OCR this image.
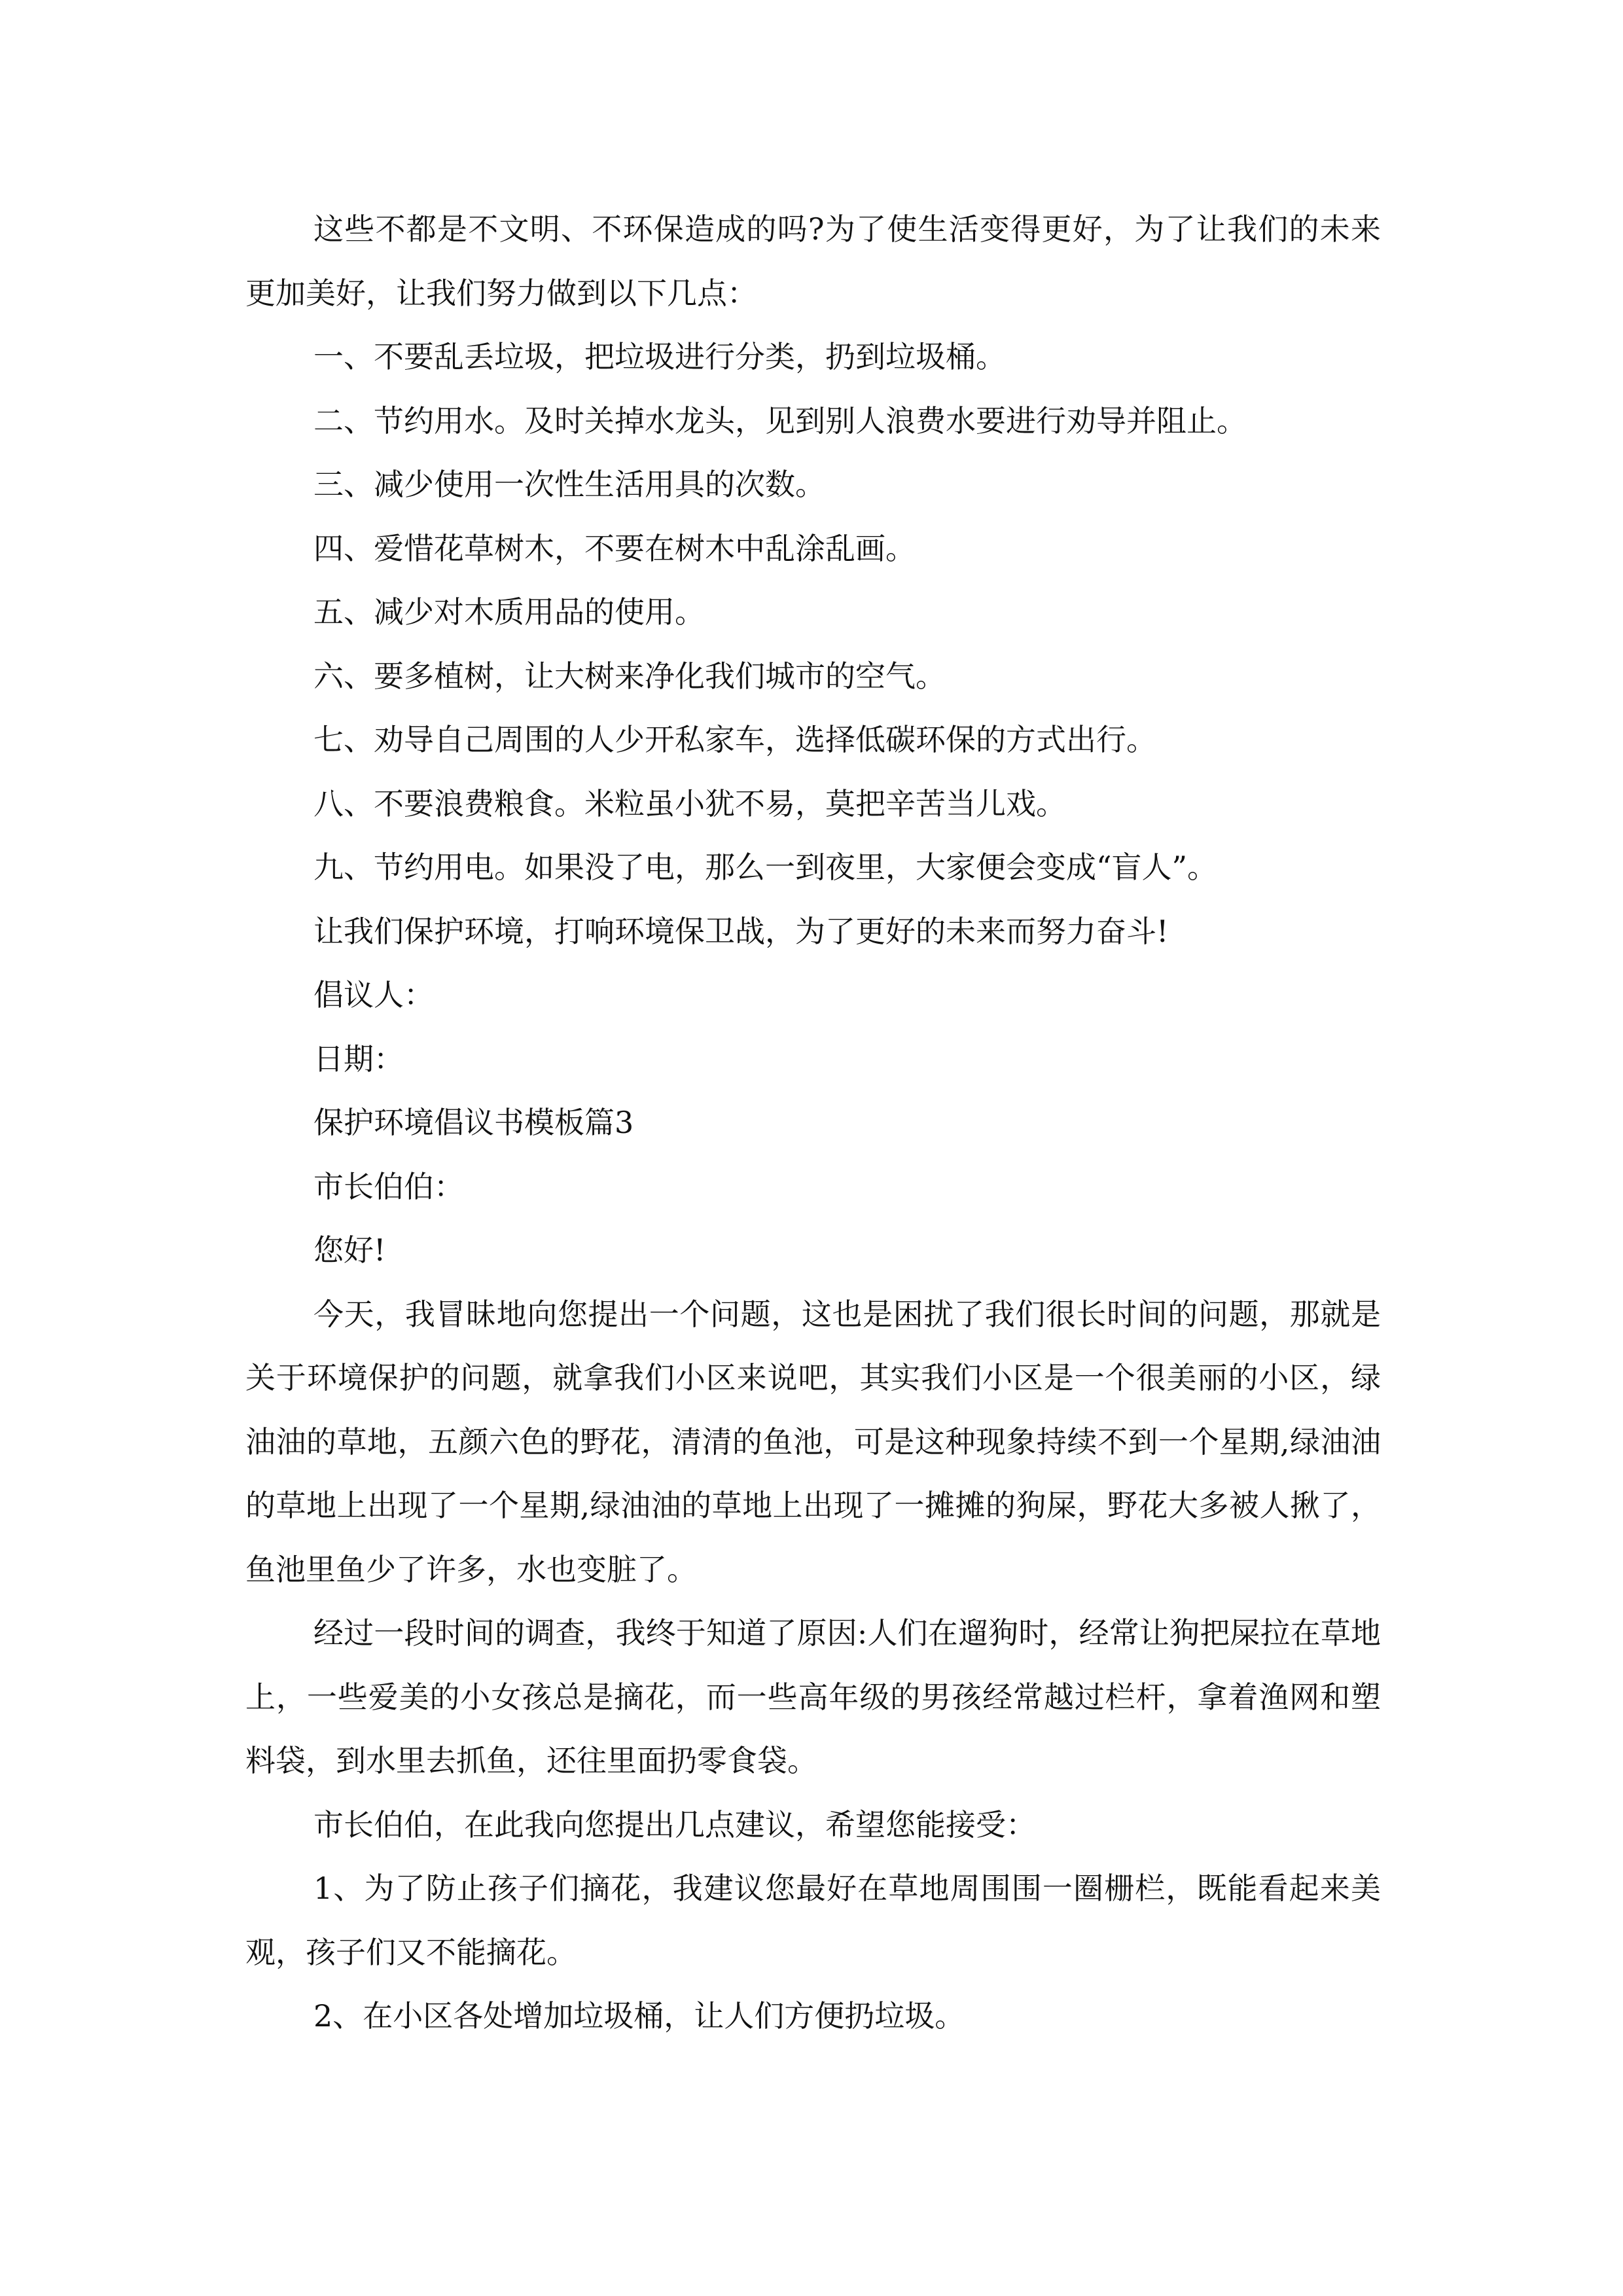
这些不都是不文明、不环保造成的吗?为了使生活变得更好，为了让我们的未来更加美好，让我们努力做到以下几点：

一、不要乱丢垃圾，把垃圾进行分类，扔到垃圾桶。

二、节约用水。及时关掉水龙头，见到别人浪费水要进行劝导并阻止。

三、减少使用一次性生活用具的次数。

四、爱惜花草树木，不要在树木中乱涂乱画。

五、减少对木质用品的使用。

六、要多植树，让大树来净化我们城市的空气。

七、劝导自己周围的人少开私家车，选择低碳环保的方式出行。

八、不要浪费粮食。米粒虽小犹不易，莫把辛苦当儿戏。

九、节约用电。如果没了电，那么一到夜里，大家便会变成“盲人”。

让我们保护环境，打响环境保卫战，为了更好的未来而努力奋斗!

倡议人：

日期：

保护环境倡议书模板篇3

市长伯伯：

您好!

今天，我冒昧地向您提出一个问题，这也是困扰了我们很长时间的问题，那就是关于环境保护的问题，就拿我们小区来说吧，其实我们小区是一个很美丽的小区，绿油油的草地，五颜六色的野花，清清的鱼池，可是这种现象持续不到一个星期,绿油油的草地上出现了一个星期,绿油油的草地上出现了一摊摊的狗屎，野花大多被人揪了，鱼池里鱼少了许多，水也变脏了。

经过一段时间的调查，我终于知道了原因:人们在遛狗时，经常让狗把屎拉在草地上，一些爱美的小女孩总是摘花，而一些高年级的男孩经常越过栏杆，拿着渔网和塑料袋，到水里去抓鱼，还往里面扔零食袋。

市长伯伯，在此我向您提出几点建议，希望您能接受：

1、为了防止孩子们摘花，我建议您最好在草地周围围一圈栅栏，既能看起来美观，孩子们又不能摘花。

2、在小区各处增加垃圾桶，让人们方便扔垃圾。
